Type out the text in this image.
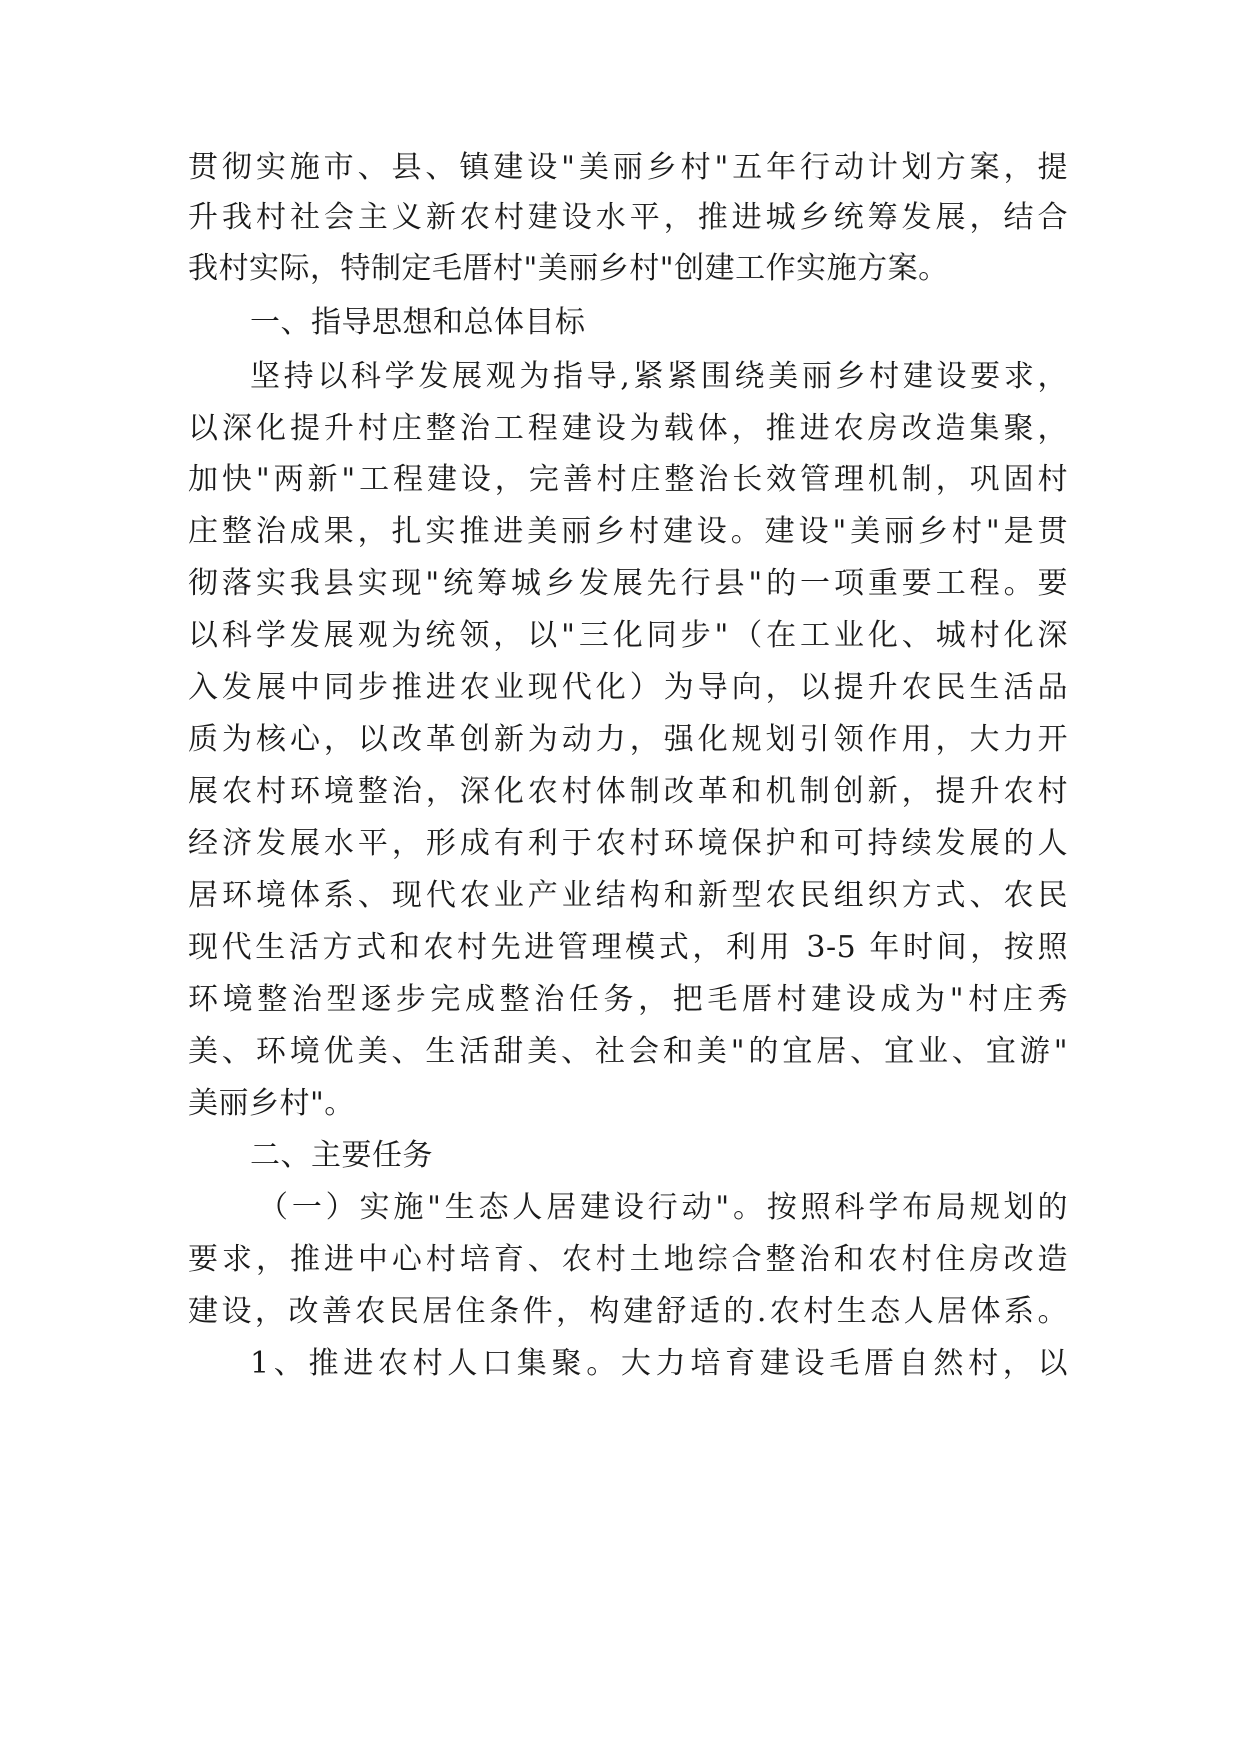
贯彻实施市、县、镇建设"美丽乡村"五年行动计划方案，提
升我村社会主义新农村建设水平，推进城乡统筹发展，结合
我村实际，特制定毛厝村"美丽乡村"创建工作实施方案。
一、指导思想和总体目标
坚持以科学发展观为指导,紧紧围绕美丽乡村建设要求，
以深化提升村庄整治工程建设为载体，推进农房改造集聚，
加快"两新"工程建设，完善村庄整治长效管理机制，巩固村
庄整治成果，扎实推进美丽乡村建设。建设"美丽乡村"是贯
彻落实我县实现"统筹城乡发展先行县"的一项重要工程。要
以科学发展观为统领，以"三化同步"（在工业化、城村化深
入发展中同步推进农业现代化）为导向，以提升农民生活品
质为核心，以改革创新为动力，强化规划引领作用，大力开
展农村环境整治，深化农村体制改革和机制创新，提升农村
经济发展水平，形成有利于农村环境保护和可持续发展的人
居环境体系、现代农业产业结构和新型农民组织方式、农民
现代生活方式和农村先进管理模式，利用 3-5 年时间，按照
环境整治型逐步完成整治任务，把毛厝村建设成为"村庄秀
美、环境优美、生活甜美、社会和美"的宜居、宜业、宜游"
美丽乡村"。
二、主要任务
（一）实施"生态人居建设行动"。按照科学布局规划的
要求，推进中心村培育、农村土地综合整治和农村住房改造
建设，改善农民居住条件，构建舒适的.农村生态人居体系。
1、推进农村人口集聚。大力培育建设毛厝自然村，以
